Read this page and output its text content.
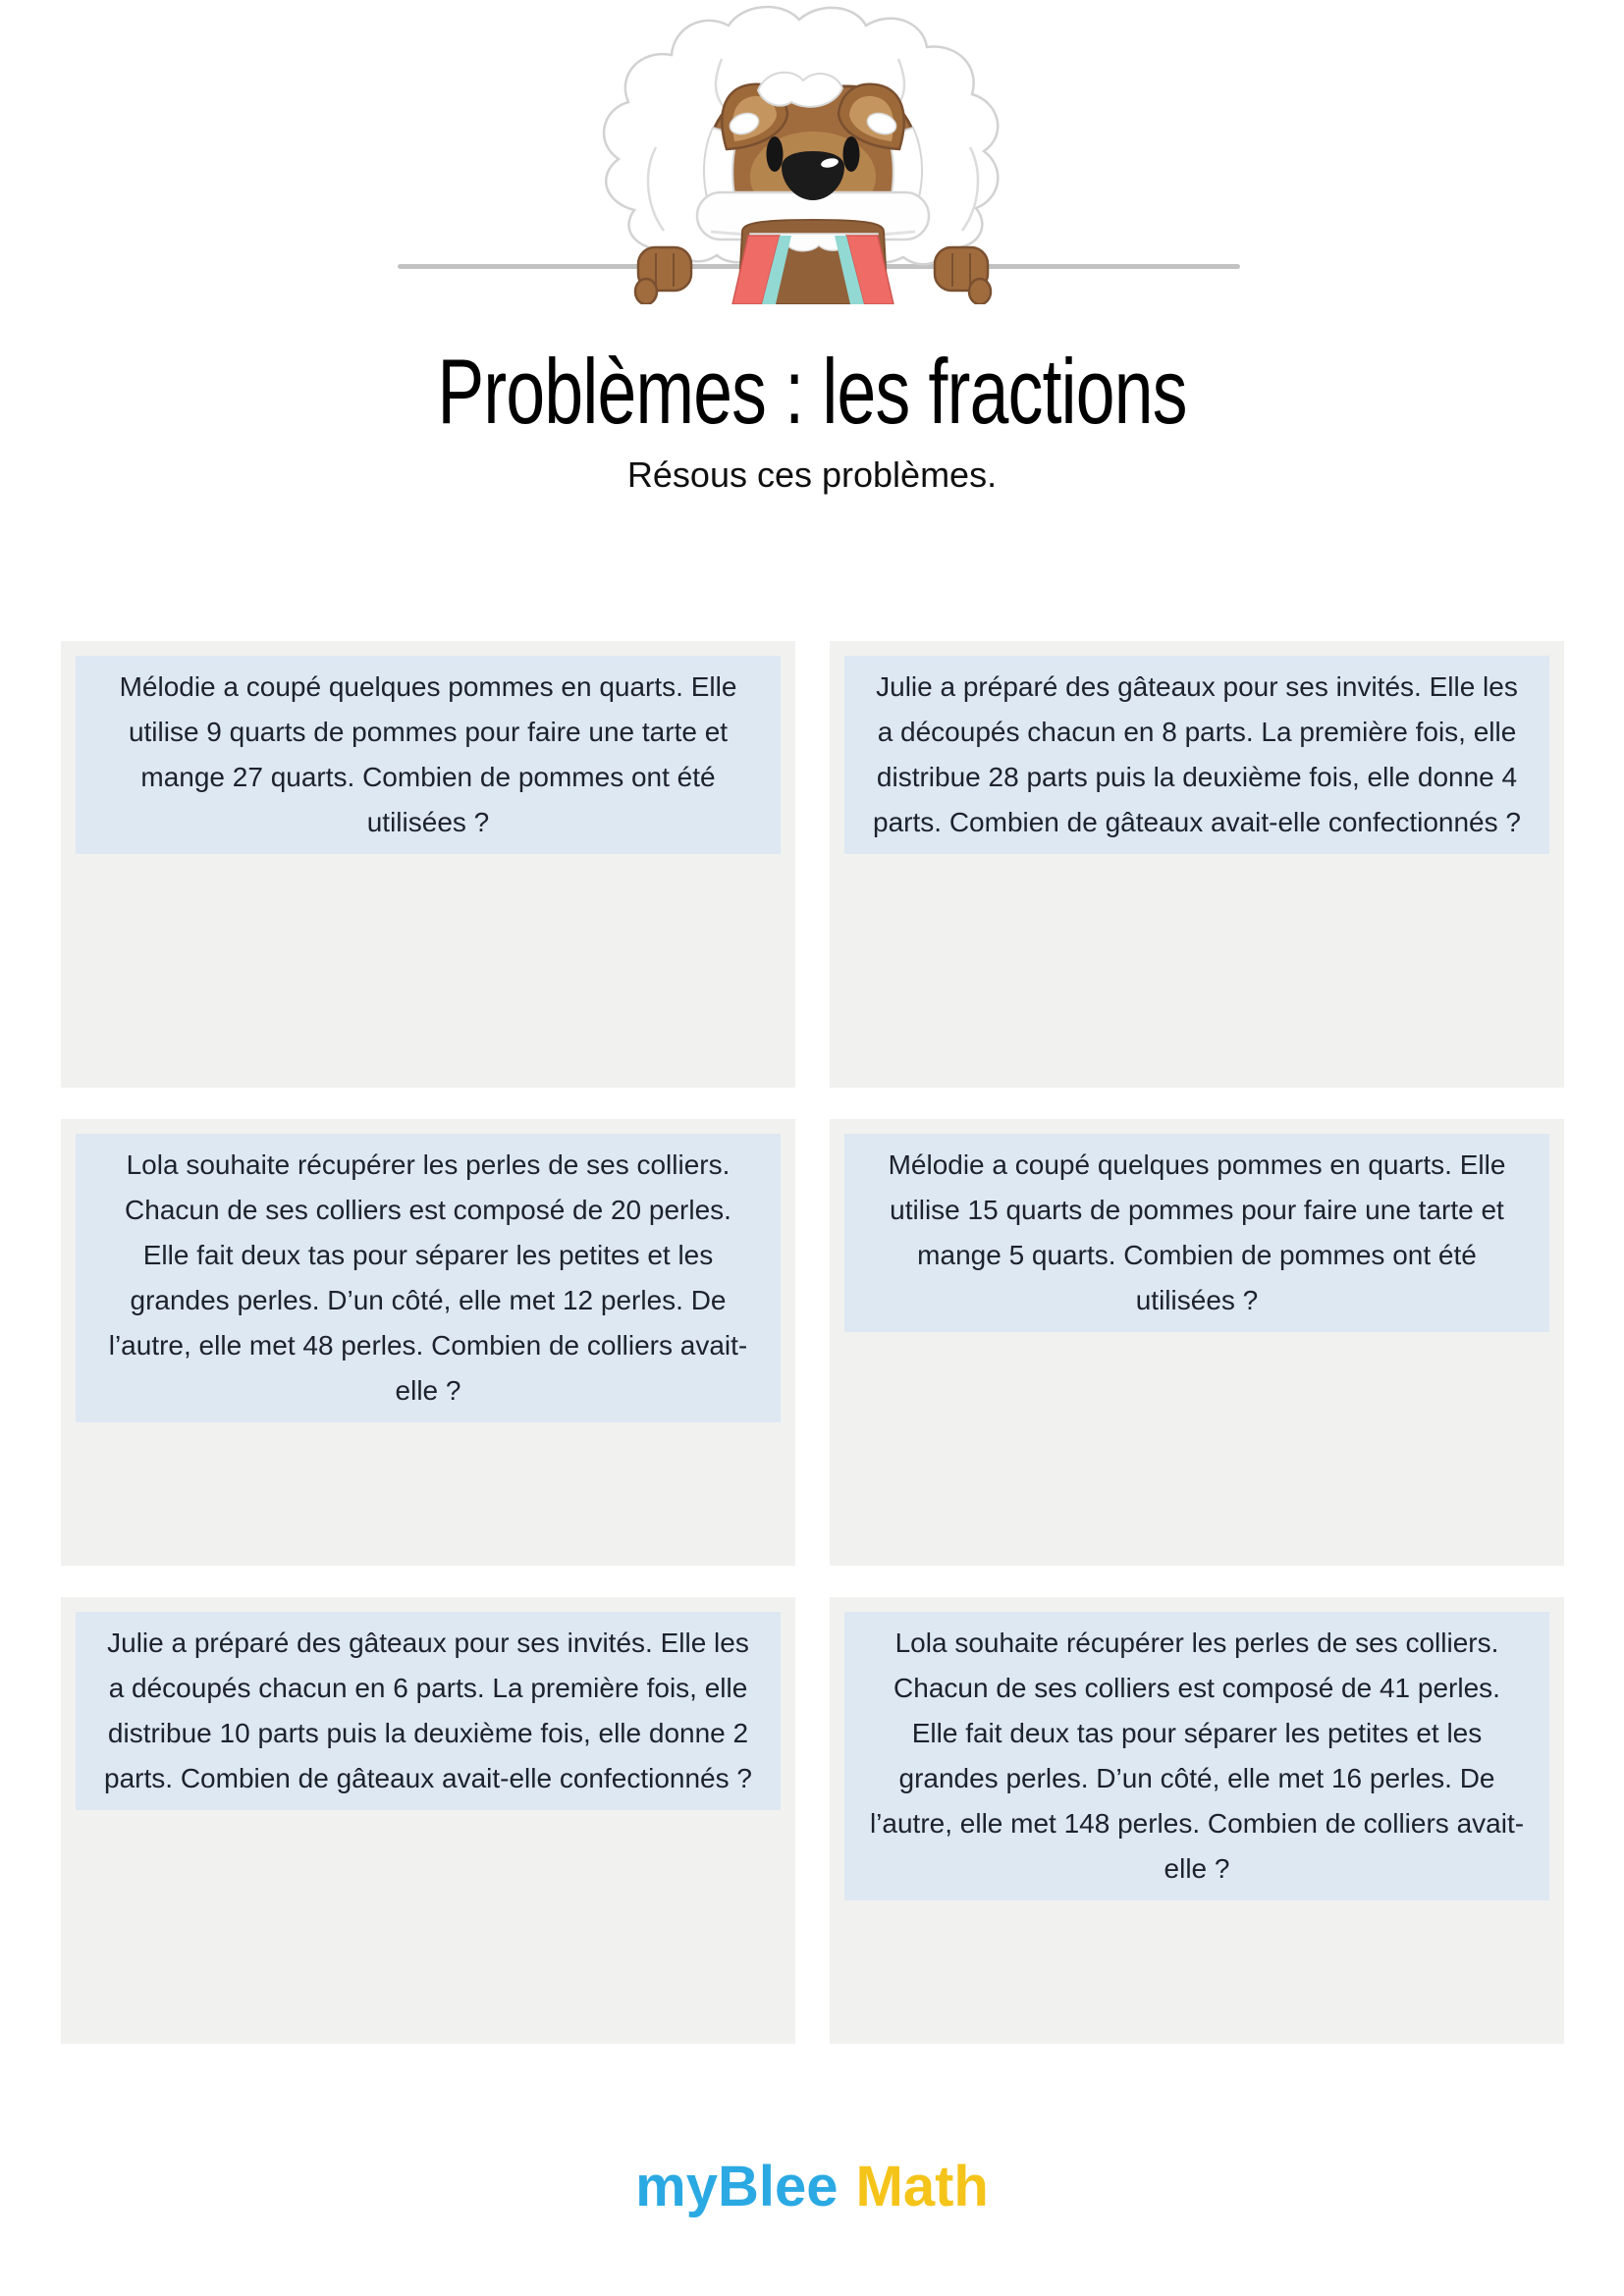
Problèmes : les fractions
Résous ces problèmes.
Mélodie a coupé quelques pommes en quarts. Elle utilise 9 quarts de pommes pour faire une tarte et mange 27 quarts. Combien de pommes ont été utilisées ?
Julie a préparé des gâteaux pour ses invités. Elle les a découpés chacun en 8 parts. La première fois, elle distribue 28 parts puis la deuxième fois, elle donne 4 parts. Combien de gâteaux avait-elle confectionnés ?
Lola souhaite récupérer les perles de ses colliers. Chacun de ses colliers est composé de 20 perles. Elle fait deux tas pour séparer les petites et les grandes perles. D’un côté, elle met 12 perles. De l’autre, elle met 48 perles. Combien de colliers avait-elle ?
Mélodie a coupé quelques pommes en quarts. Elle utilise 15 quarts de pommes pour faire une tarte et mange 5 quarts. Combien de pommes ont été utilisées ?
Julie a préparé des gâteaux pour ses invités. Elle les a découpés chacun en 6 parts. La première fois, elle distribue 10 parts puis la deuxième fois, elle donne 2 parts. Combien de gâteaux avait-elle confectionnés ?
Lola souhaite récupérer les perles de ses colliers. Chacun de ses colliers est composé de 41 perles. Elle fait deux tas pour séparer les petites et les grandes perles. D’un côté, elle met 16 perles. De l’autre, elle met 148 perles. Combien de colliers avait-elle ?
myBlee Math
